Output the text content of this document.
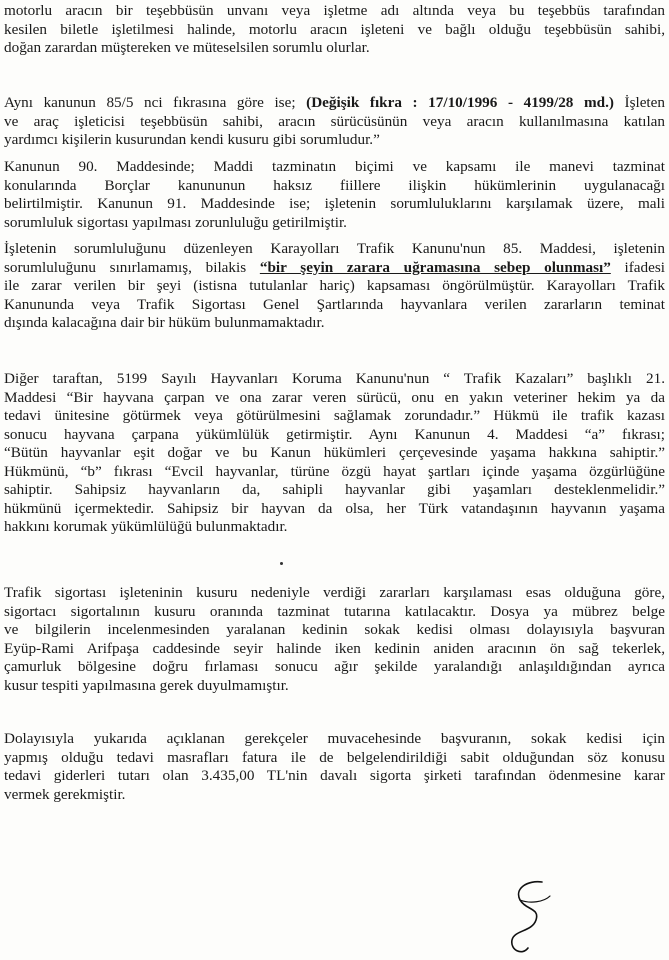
motorlu aracın bir teşebbüsün unvanı veya işletme adı altında veya bu teşebbüs tarafından
kesilen biletle işletilmesi halinde, motorlu aracın işleteni ve bağlı olduğu teşebbüsün sahibi,
doğan zarardan müştereken ve müteselsilen sorumlu olurlar.
Aynı kanunun 85/5 nci fıkrasına göre ise; (Değişik fıkra : 17/10/1996 - 4199/28 md.) İşleten
ve araç işleticisi teşebbüsün sahibi, aracın sürücüsünün veya aracın kullanılmasına katılan
yardımcı kişilerin kusurundan kendi kusuru gibi sorumludur.”
Kanunun 90. Maddesinde; Maddi tazminatın biçimi ve kapsamı ile manevi tazminat
konularında Borçlar kanununun haksız fiillere ilişkin hükümlerinin uygulanacağı
belirtilmiştir. Kanunun 91. Maddesinde ise; işletenin sorumluluklarını karşılamak üzere, mali
sorumluluk sigortası yapılması zorunluluğu getirilmiştir.
İşletenin sorumluluğunu düzenleyen Karayolları Trafik Kanunu'nun 85. Maddesi, işletenin
sorumluluğunu sınırlamamış, bilakis “bir şeyin zarara uğramasına sebep olunması” ifadesi
ile zarar verilen bir şeyi (istisna tutulanlar hariç) kapsaması öngörülmüştür. Karayolları Trafik
Kanununda veya Trafik Sigortası Genel Şartlarında hayvanlara verilen zararların teminat
dışında kalacağına dair bir hüküm bulunmamaktadır.
Diğer taraftan, 5199 Sayılı Hayvanları Koruma Kanunu'nun “ Trafik Kazaları” başlıklı 21.
Maddesi “Bir hayvana çarpan ve ona zarar veren sürücü, onu en yakın veteriner hekim ya da
tedavi ünitesine götürmek veya götürülmesini sağlamak zorundadır.” Hükmü ile trafik kazası
sonucu hayvana çarpana yükümlülük getirmiştir. Aynı Kanunun 4. Maddesi “a” fıkrası;
“Bütün hayvanlar eşit doğar ve bu Kanun hükümleri çerçevesinde yaşama hakkına sahiptir.”
Hükmünü, “b” fıkrası “Evcil hayvanlar, türüne özgü hayat şartları içinde yaşama özgürlüğüne
sahiptir. Sahipsiz hayvanların da, sahipli hayvanlar gibi yaşamları desteklenmelidir.”
hükmünü içermektedir. Sahipsiz bir hayvan da olsa, her Türk vatandaşının hayvanın yaşama
hakkını korumak yükümlülüğü bulunmaktadır.
Trafik sigortası işleteninin kusuru nedeniyle verdiği zararları karşılaması esas olduğuna göre,
sigortacı sigortalının kusuru oranında tazminat tutarına katılacaktır. Dosya ya mübrez belge
ve bilgilerin incelenmesinden yaralanan kedinin sokak kedisi olması dolayısıyla başvuran
Eyüp-Rami Arifpaşa caddesinde seyir halinde iken kedinin aniden aracının ön sağ tekerlek,
çamurluk bölgesine doğru fırlaması sonucu ağır şekilde yaralandığı anlaşıldığından ayrıca
kusur tespiti yapılmasına gerek duyulmamıştır.
Dolayısıyla yukarıda açıklanan gerekçeler muvacehesinde başvuranın, sokak kedisi için
yapmış olduğu tedavi masrafları fatura ile de belgelendirildiği sabit olduğundan söz konusu
tedavi giderleri tutarı olan 3.435,00 TL'nin davalı sigorta şirketi tarafından ödenmesine karar
vermek gerekmiştir.
